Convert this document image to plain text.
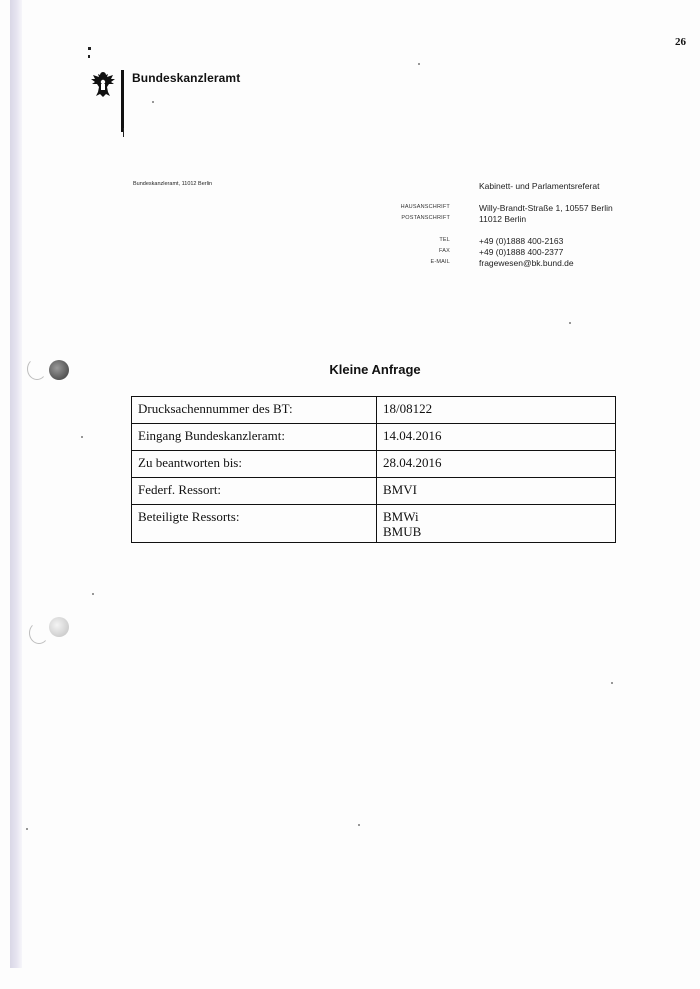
26
Bundeskanzleramt
Bundeskanzleramt, 11012 Berlin	Kabinett- und Parlamentsreferat
HAUSANSCHRIFT	Willy-Brandt-Straße 1, 10557 Berlin
POSTANSCHRIFT	11012 Berlin
TEL	+49 (0)1888 400-2163
FAX	+49 (0)1888 400-2377
E-MAIL	fragewesen@bk.bund.de
Kleine Anfrage
Drucksachennummer des BT:	18/08122
Eingang Bundeskanzleramt:	14.04.2016
Zu beantworten bis:	28.04.2016
Federf. Ressort:	BMVI
Beteiligte Ressorts:	BMWi
BMUB
